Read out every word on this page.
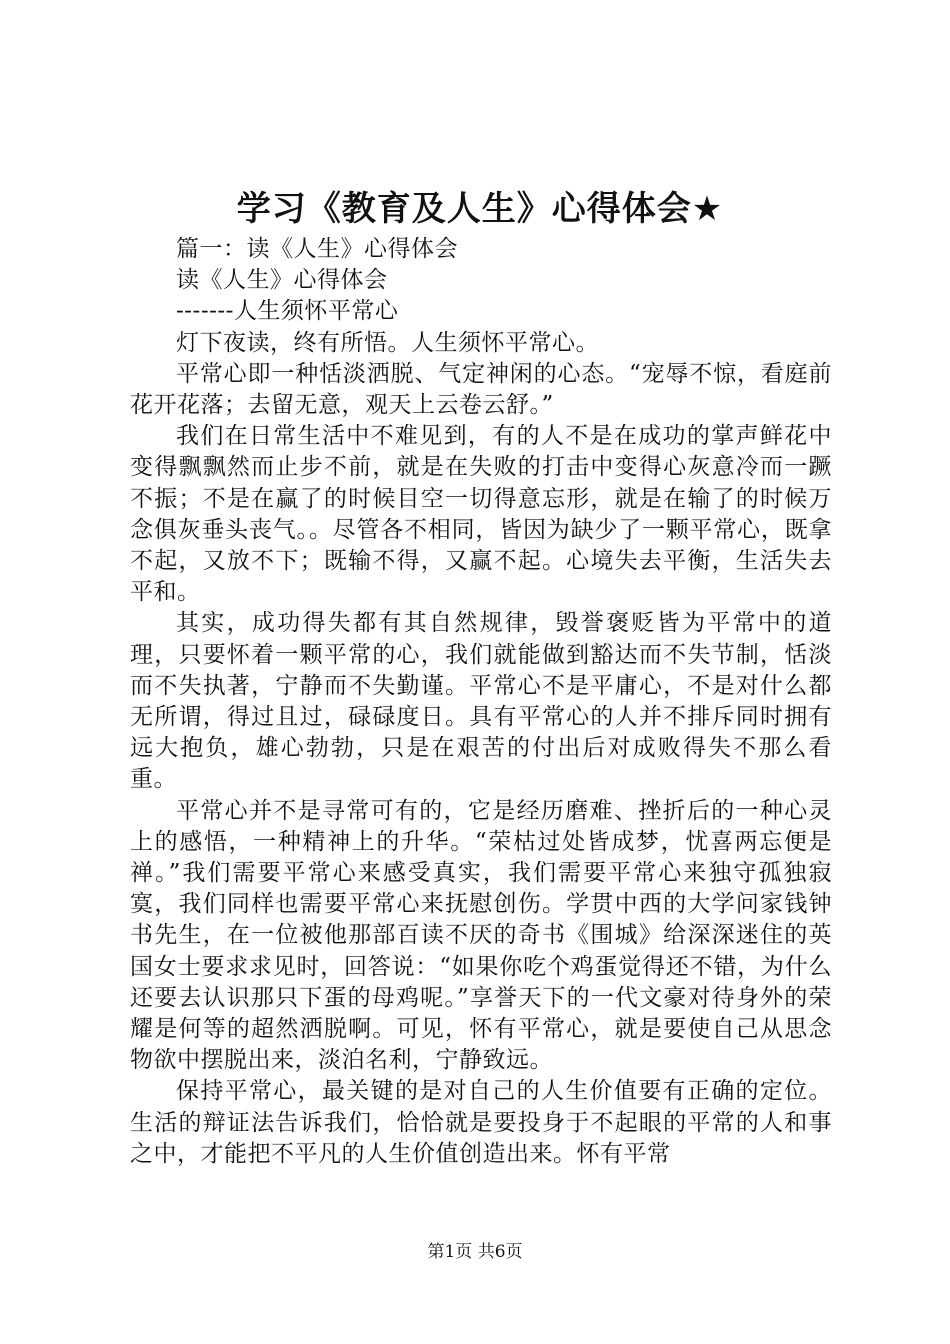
学习《教育及人生》心得体会★

篇一：读《人生》心得体会

读《人生》心得体会

-------人生须怀平常心

灯下夜读，终有所悟。人生须怀平常心。

平常心即一种恬淡洒脱、气定神闲的心态。“宠辱不惊，看庭前花开花落；去留无意，观天上云卷云舒。”

我们在日常生活中不难见到，有的人不是在成功的掌声鲜花中变得飘飘然而止步不前，就是在失败的打击中变得心灰意冷而一蹶不振；不是在赢了的时候目空一切得意忘形，就是在输了的时候万念俱灰垂头丧气。。尽管各不相同，皆因为缺少了一颗平常心，既拿不起，又放不下；既输不得，又赢不起。心境失去平衡，生活失去平和。

其实，成功得失都有其自然规律，毁誉褒贬皆为平常中的道理，只要怀着一颗平常的心，我们就能做到豁达而不失节制，恬淡而不失执著，宁静而不失勤谨。平常心不是平庸心，不是对什么都无所谓，得过且过，碌碌度日。具有平常心的人并不排斥同时拥有远大抱负，雄心勃勃，只是在艰苦的付出后对成败得失不那么看重。

平常心并不是寻常可有的，它是经历磨难、挫折后的一种心灵上的感悟，一种精神上的升华。“荣枯过处皆成梦，忧喜两忘便是禅。”我们需要平常心来感受真实，我们需要平常心来独守孤独寂寞，我们同样也需要平常心来抚慰创伤。学贯中西的大学问家钱钟书先生，在一位被他那部百读不厌的奇书《围城》给深深迷住的英国女士要求求见时，回答说：“如果你吃个鸡蛋觉得还不错，为什么还要去认识那只下蛋的母鸡呢。”享誉天下的一代文豪对待身外的荣耀是何等的超然洒脱啊。可见，怀有平常心，就是要使自己从思念物欲中摆脱出来，淡泊名利，宁静致远。

保持平常心，最关键的是对自己的人生价值要有正确的定位。生活的辩证法告诉我们，恰恰就是要投身于不起眼的平常的人和事之中，才能把不平凡的人生价值创造出来。怀有平常

第1页 共6页
